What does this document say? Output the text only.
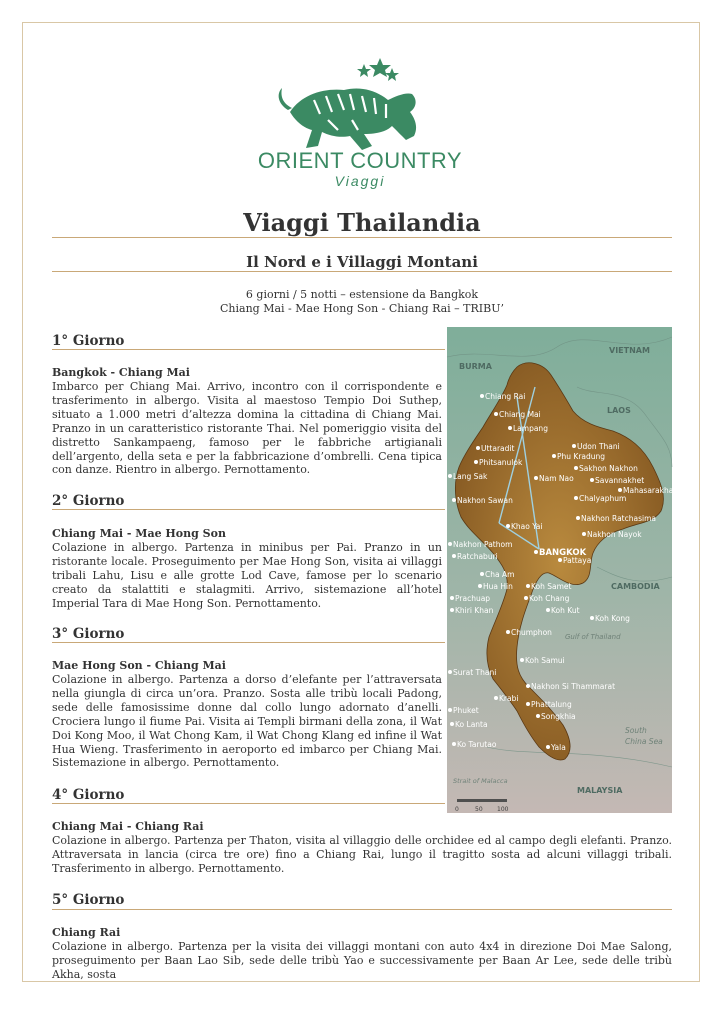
ORIENT COUNTRY
Viaggi
Viaggi Thailandia
Il Nord e i Villaggi Montani
6 giorni / 5 notti – estensione da Bangkok
Chiang Mai - Mae Hong Son - Chiang Rai – TRIBU’
1° Giorno
Bangkok - Chiang Mai
Imbarco per Chiang Mai. Arrivo, incontro con il corrispondente e trasferimento in albergo. Visita al maestoso Tempio Doi Suthep, situato a 1.000 metri d’altezza domina la cittadina di Chiang Mai. Pranzo in un caratteristico ristorante Thai. Nel pomeriggio visita del distretto Sankampaeng, famoso per le fabbriche artigianali dell’argento, della seta e per la fabbricazione d’ombrelli. Cena tipica con danze. Rientro in albergo. Pernottamento.
2° Giorno
Chiang Mai - Mae Hong Son
Colazione in albergo. Partenza in minibus per Pai. Pranzo in un ristorante locale. Proseguimento per Mae Hong Son, visita ai villaggi tribali Lahu, Lisu e alle grotte Lod Cave, famose per lo scenario creato da stalattiti e stalagmiti. Arrivo, sistemazione all’hotel Imperial Tara di Mae Hong Son. Pernottamento.
3° Giorno
Mae Hong Son - Chiang Mai
Colazione in albergo. Partenza a dorso d’elefante per l’attraversata nella giungla di circa un’ora. Pranzo. Sosta alle tribù locali Padong, sede delle famosissime donne dal collo lungo adornato d’anelli. Crociera lungo il fiume Pai. Visita ai Templi birmani della zona, il Wat Doi Kong Moo, il Wat Chong Kam, il Wat Chong Klang ed infine il Wat Hua Wieng. Trasferimento in aeroporto ed imbarco per Chiang Mai. Sistemazione in albergo. Pernottamento.
4° Giorno
Chiang Mai - Chiang Rai
Colazione in albergo. Partenza per Thaton, visita al villaggio delle orchidee ed al campo degli elefanti. Pranzo. Attraversata in lancia (circa tre ore) fino a Chiang Rai, lungo il tragitto sosta ad alcuni villaggi tribali. Trasferimento in albergo. Pernottamento.
5° Giorno
Chiang Rai
Colazione in albergo. Partenza per la visita dei villaggi montani con auto 4x4 in direzione Doi Mae Salong, proseguimento per Baan Lao Sib, sede delle tribù Yao e successivamente per Baan Ar Lee, sede delle tribù Akha, sosta
BURMA
VIETNAM
LAOS
CAMBODIA
MALAYSIA
South
China Sea
Gulf of Thailand
Strait of Malacca
Chiang Rai
Chiang Mai
Lampang
Uttaradit
Phitsanulok
Lang Sak
Udon Thani
Phu Kradung
Nam Nao
Sakhon Nakhon
Savannakhet
Mahasarakham
Chalyaphum
Nakhon Sawan
Nakhon Ratchasima
Khao Yai
Nakhon Nayok
Nakhon Pathom
Ratchaburi	BANGKOK
Pattaya
Cha Am
Hua Hin Koh Samet
Koh Chang
Prachuap
Khiri Khan	Koh Kut
Koh Kong
Chumphon
Koh Samui
Surat Thani
Nakhon Si Thammarat
Phuket
Krabi
Phattalung
Songkhia
Ko Lanta
Ko Tarutao	Yala
0	50 100
